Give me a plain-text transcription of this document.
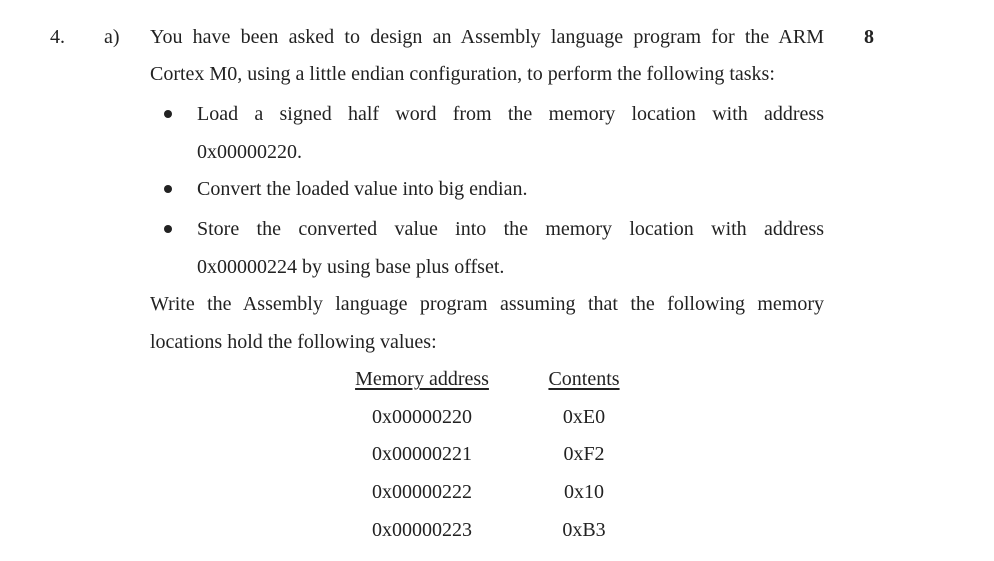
4. a)	8
You have been asked to design an Assembly language program for the ARM
Cortex M0, using a little endian configuration, to perform the following tasks:
Load a signed half word from the memory location with address
0x00000220.
Convert the loaded value into big endian.
Store the converted value into the memory location with address
0x00000224 by using base plus offset.
Write the Assembly language program assuming that the following memory
locations hold the following values:
Memory address	Contents
0x00000220	0xE0
0x00000221	0xF2
0x00000222	0x10
0x00000223	0xB3
